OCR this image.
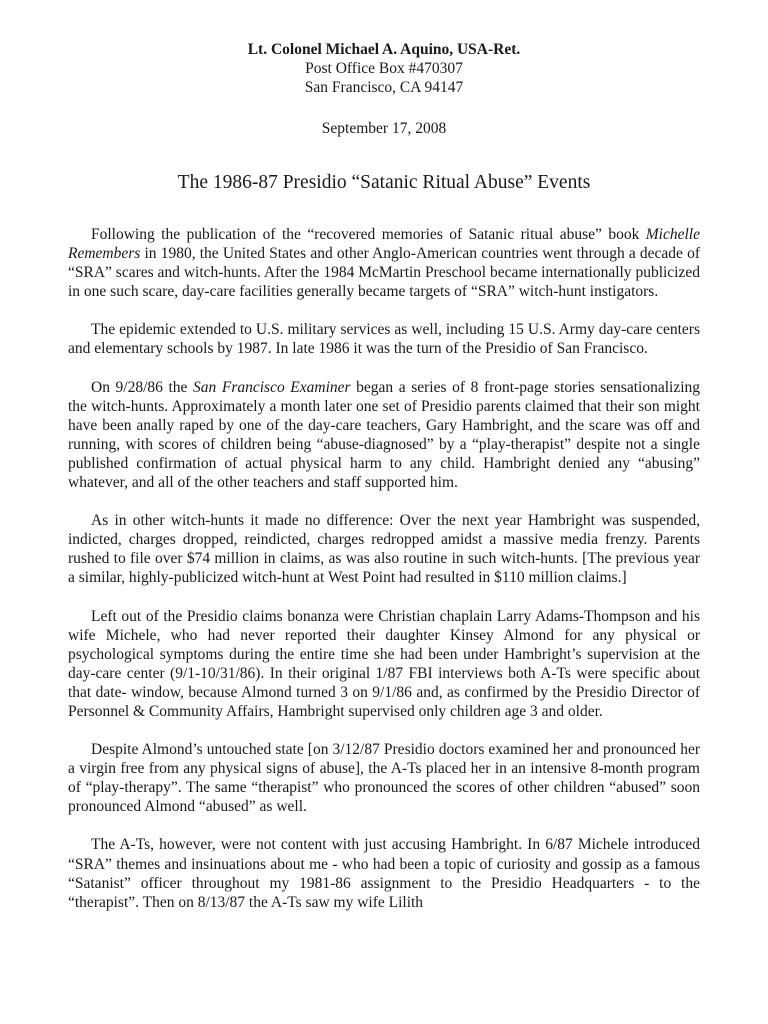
Lt. Colonel Michael A. Aquino, USA-Ret.
Post Office Box #470307
San Francisco, CA 94147
September 17, 2008
The 1986-87 Presidio “Satanic Ritual Abuse” Events

Following the publication of the “recovered memories of Satanic ritual abuse” book Michelle Remembers in 1980, the United States and other Anglo-American countries went through a decade of “SRA” scares and witch-hunts. After the 1984 McMartin Preschool became internationally publicized in one such scare, day-care facilities generally became targets of “SRA” witch-hunt instigators.

The epidemic extended to U.S. military services as well, including 15 U.S. Army day-care centers and elementary schools by 1987. In late 1986 it was the turn of the Presidio of San Francisco.

On 9/28/86 the San Francisco Examiner began a series of 8 front-page stories sensationalizing the witch-hunts. Approximately a month later one set of Presidio parents claimed that their son might have been anally raped by one of the day-care teachers, Gary Hambright, and the scare was off and running, with scores of children being “abuse-diagnosed” by a “play-therapist” despite not a single published confirmation of actual physical harm to any child. Hambright denied any “abusing” whatever, and all of the other teachers and staff supported him.

As in other witch-hunts it made no difference: Over the next year Hambright was suspended, indicted, charges dropped, reindicted, charges redropped amidst a massive media frenzy. Parents rushed to file over $74 million in claims, as was also routine in such witch-hunts. [The previous year a similar, highly-publicized witch-hunt at West Point had resulted in $110 million claims.]

Left out of the Presidio claims bonanza were Christian chaplain Larry Adams-Thompson and his wife Michele, who had never reported their daughter Kinsey Almond for any physical or psychological symptoms during the entire time she had been under Hambright’s supervision at the day-care center (9/1-10/31/86). In their original 1/87 FBI interviews both A-Ts were specific about that date- window, because Almond turned 3 on 9/1/86 and, as confirmed by the Presidio Director of Personnel & Community Affairs, Hambright supervised only children age 3 and older.

Despite Almond’s untouched state [on 3/12/87 Presidio doctors examined her and pronounced her a virgin free from any physical signs of abuse], the A-Ts placed her in an intensive 8-month program of “play-therapy”. The same “therapist” who pronounced the scores of other children “abused” soon pronounced Almond “abused” as well.

The A-Ts, however, were not content with just accusing Hambright. In 6/87 Michele introduced “SRA” themes and insinuations about me - who had been a topic of curiosity and gossip as a famous “Satanist” officer throughout my 1981-86 assignment to the Presidio Headquarters - to the “therapist”. Then on 8/13/87 the A-Ts saw my wife Lilith
